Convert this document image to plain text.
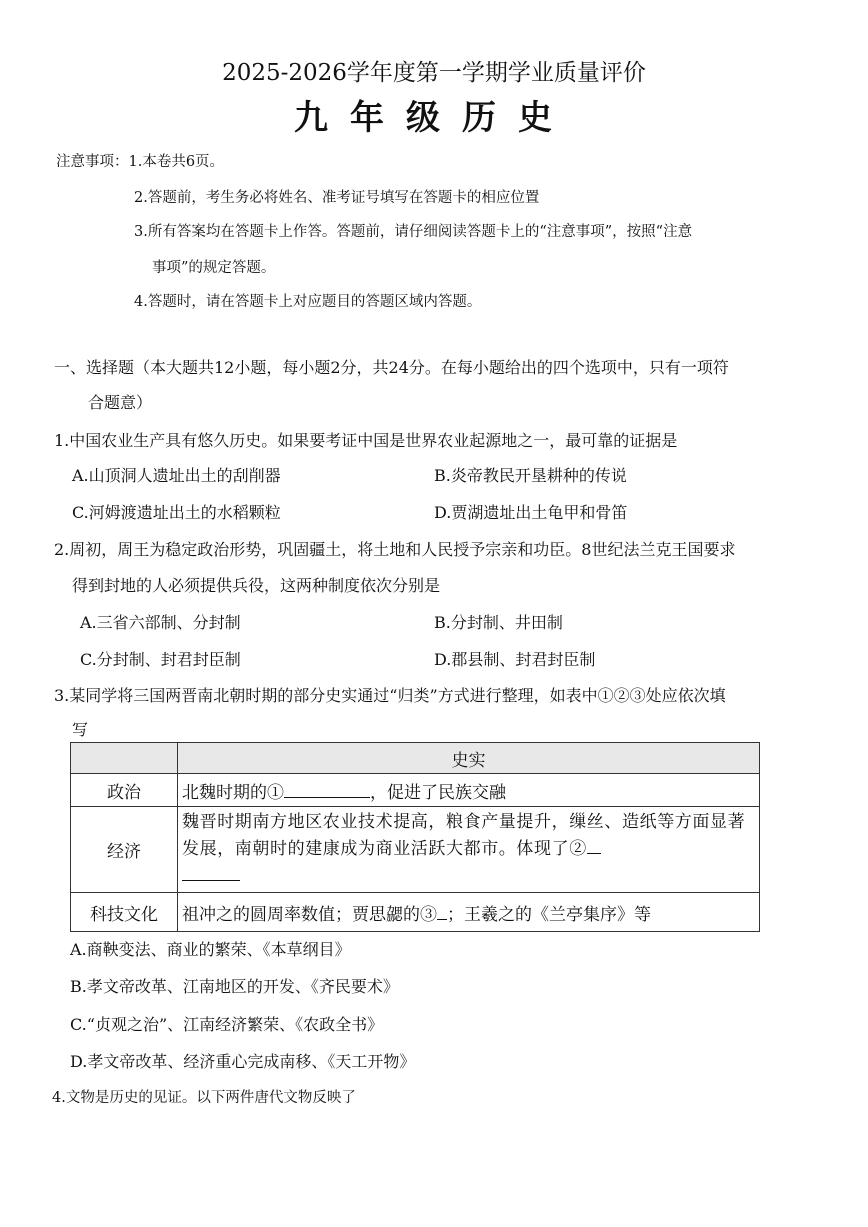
2025-2026学年度第一学期学业质量评价
九年级历史
注意事项：1.本卷共6页。
2.答题前，考生务必将姓名、准考证号填写在答题卡的相应位置
3.所有答案均在答题卡上作答。答题前，请仔细阅读答题卡上的“注意事项”，按照“注意
事项”的规定答题。
4.答题时，请在答题卡上对应题目的答题区域内答题。
一、选择题（本大题共12小题，每小题2分，共24分。在每小题给出的四个选项中，只有一项符
合题意）
1.中国农业生产具有悠久历史。如果要考证中国是世界农业起源地之一，最可靠的证据是
A.山顶洞人遗址出土的刮削器	B.炎帝教民开垦耕种的传说
C.河姆渡遗址出土的水稻颗粒	D.贾湖遗址出土龟甲和骨笛
2.周初，周王为稳定政治形势，巩固疆土，将土地和人民授予宗亲和功臣。8世纪法兰克王国要求
得到封地的人必须提供兵役，这两种制度依次分别是
A.三省六部制、分封制	B.分封制、井田制
C.分封制、封君封臣制	D.郡县制、封君封臣制
3.某同学将三国两晋南北朝时期的部分史实通过“归类”方式进行整理，如表中①②③处应依次填
写
	史实
政治	北魏时期的① ，促进了民族交融
经济	魏晋时期南方地区农业技术提高，粮食产量提升，缫丝、造纸等方面显著发展，南朝时的建康成为商业活跃大都市。体现了②

科技文化	祖冲之的圆周率数值；贾思勰的③ ；王羲之的《兰亭集序》等
A.商鞅变法、商业的繁荣、《本草纲目》
B.孝文帝改革、江南地区的开发、《齐民要术》
C.“贞观之治”、江南经济繁荣、《农政全书》
D.孝文帝改革、经济重心完成南移、《天工开物》
4.文物是历史的见证。以下两件唐代文物反映了
